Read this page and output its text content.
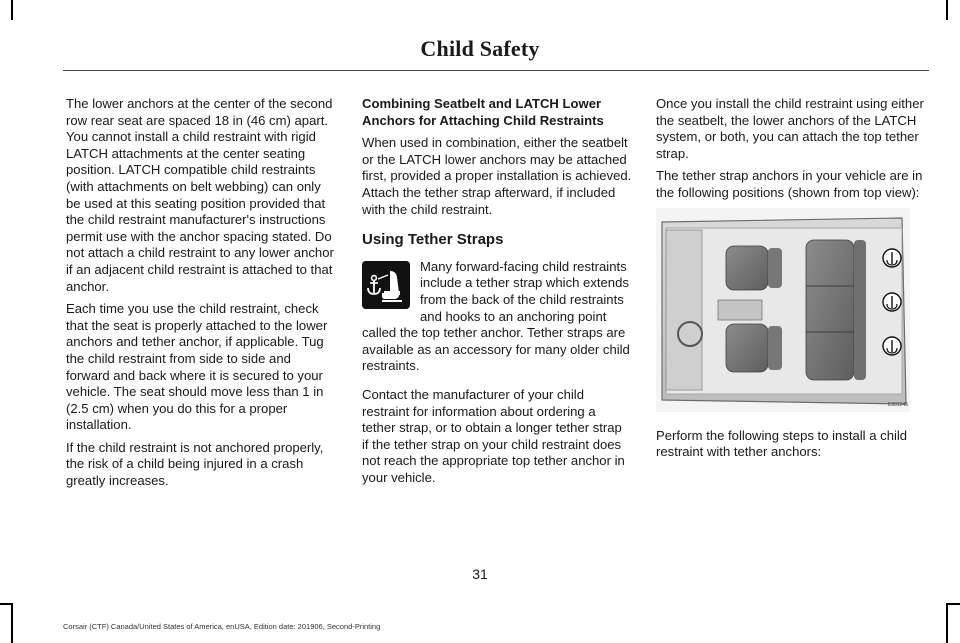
Child Safety

The lower anchors at the center of the second row rear seat are spaced 18 in (46 cm) apart. You cannot install a child restraint with rigid LATCH attachments at the center seating position. LATCH compatible child restraints (with attachments on belt webbing) can only be used at this seating position provided that the child restraint manufacturer's instructions permit use with the anchor spacing stated. Do not attach a child restraint to any lower anchor if an adjacent child restraint is attached to that anchor.

Each time you use the child restraint, check that the seat is properly attached to the lower anchors and tether anchor, if applicable. Tug the child restraint from side to side and forward and back where it is secured to your vehicle. The seat should move less than 1 in (2.5 cm) when you do this for a proper installation.

If the child restraint is not anchored properly, the risk of a child being injured in a crash greatly increases.

Combining Seatbelt and LATCH Lower Anchors for Attaching Child Restraints

When used in combination, either the seatbelt or the LATCH lower anchors may be attached first, provided a proper installation is achieved. Attach the tether strap afterward, if included with the child restraint.

Using Tether Straps

Many forward-facing child restraints include a tether strap which extends from the back of the child restraints and hooks to an anchoring point called the top tether anchor. Tether straps are available as an accessory for many older child restraints.

Contact the manufacturer of your child restraint for information about ordering a tether strap, or to obtain a longer tether strap if the tether strap on your child restraint does not reach the appropriate top tether anchor in your vehicle.

Once you install the child restraint using either the seatbelt, the lower anchors of the LATCH system, or both, you can attach the top tether strap.

The tether strap anchors in your vehicle are in the following positions (shown from top view):

E301245

Perform the following steps to install a child restraint with tether anchors:

31
Corsair (CTF) Canada/United States of America, enUSA, Edition date: 201906, Second-Printing
